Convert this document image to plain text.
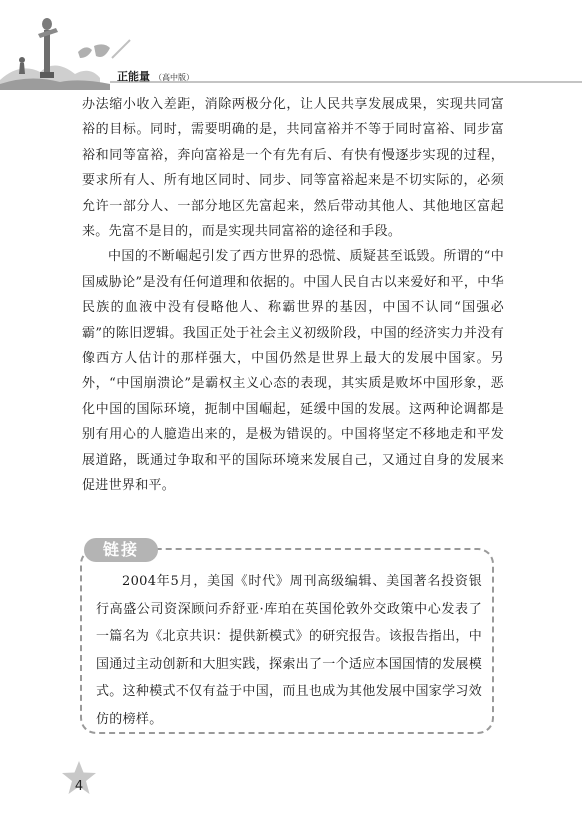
正能量 （高中版）

办法缩小收入差距，消除两极分化，让人民共享发展成果，实现共同富裕的目标。同时，需要明确的是，共同富裕并不等于同时富裕、同步富裕和同等富裕，奔向富裕是一个有先有后、有快有慢逐步实现的过程，要求所有人、所有地区同时、同步、同等富裕起来是不切实际的，必须允许一部分人、一部分地区先富起来，然后带动其他人、其他地区富起来。先富不是目的，而是实现共同富裕的途径和手段。

中国的不断崛起引发了西方世界的恐慌、质疑甚至诋毁。所谓的“中国威胁论”是没有任何道理和依据的。中国人民自古以来爱好和平，中华民族的血液中没有侵略他人、称霸世界的基因，中国不认同“国强必霸”的陈旧逻辑。我国正处于社会主义初级阶段，中国的经济实力并没有像西方人估计的那样强大，中国仍然是世界上最大的发展中国家。另外，“中国崩溃论”是霸权主义心态的表现，其实质是败坏中国形象，恶化中国的国际环境，扼制中国崛起，延缓中国的发展。这两种论调都是别有用心的人臆造出来的，是极为错误的。中国将坚定不移地走和平发展道路，既通过争取和平的国际环境来发展自己，又通过自身的发展来促进世界和平。

链接

2004年5月，美国《时代》周刊高级编辑、美国著名投资银行高盛公司资深顾问乔舒亚·库珀在英国伦敦外交政策中心发表了一篇名为《北京共识：提供新模式》的研究报告。该报告指出，中国通过主动创新和大胆实践，探索出了一个适应本国国情的发展模式。这种模式不仅有益于中国，而且也成为其他发展中国家学习效仿的榜样。

4
